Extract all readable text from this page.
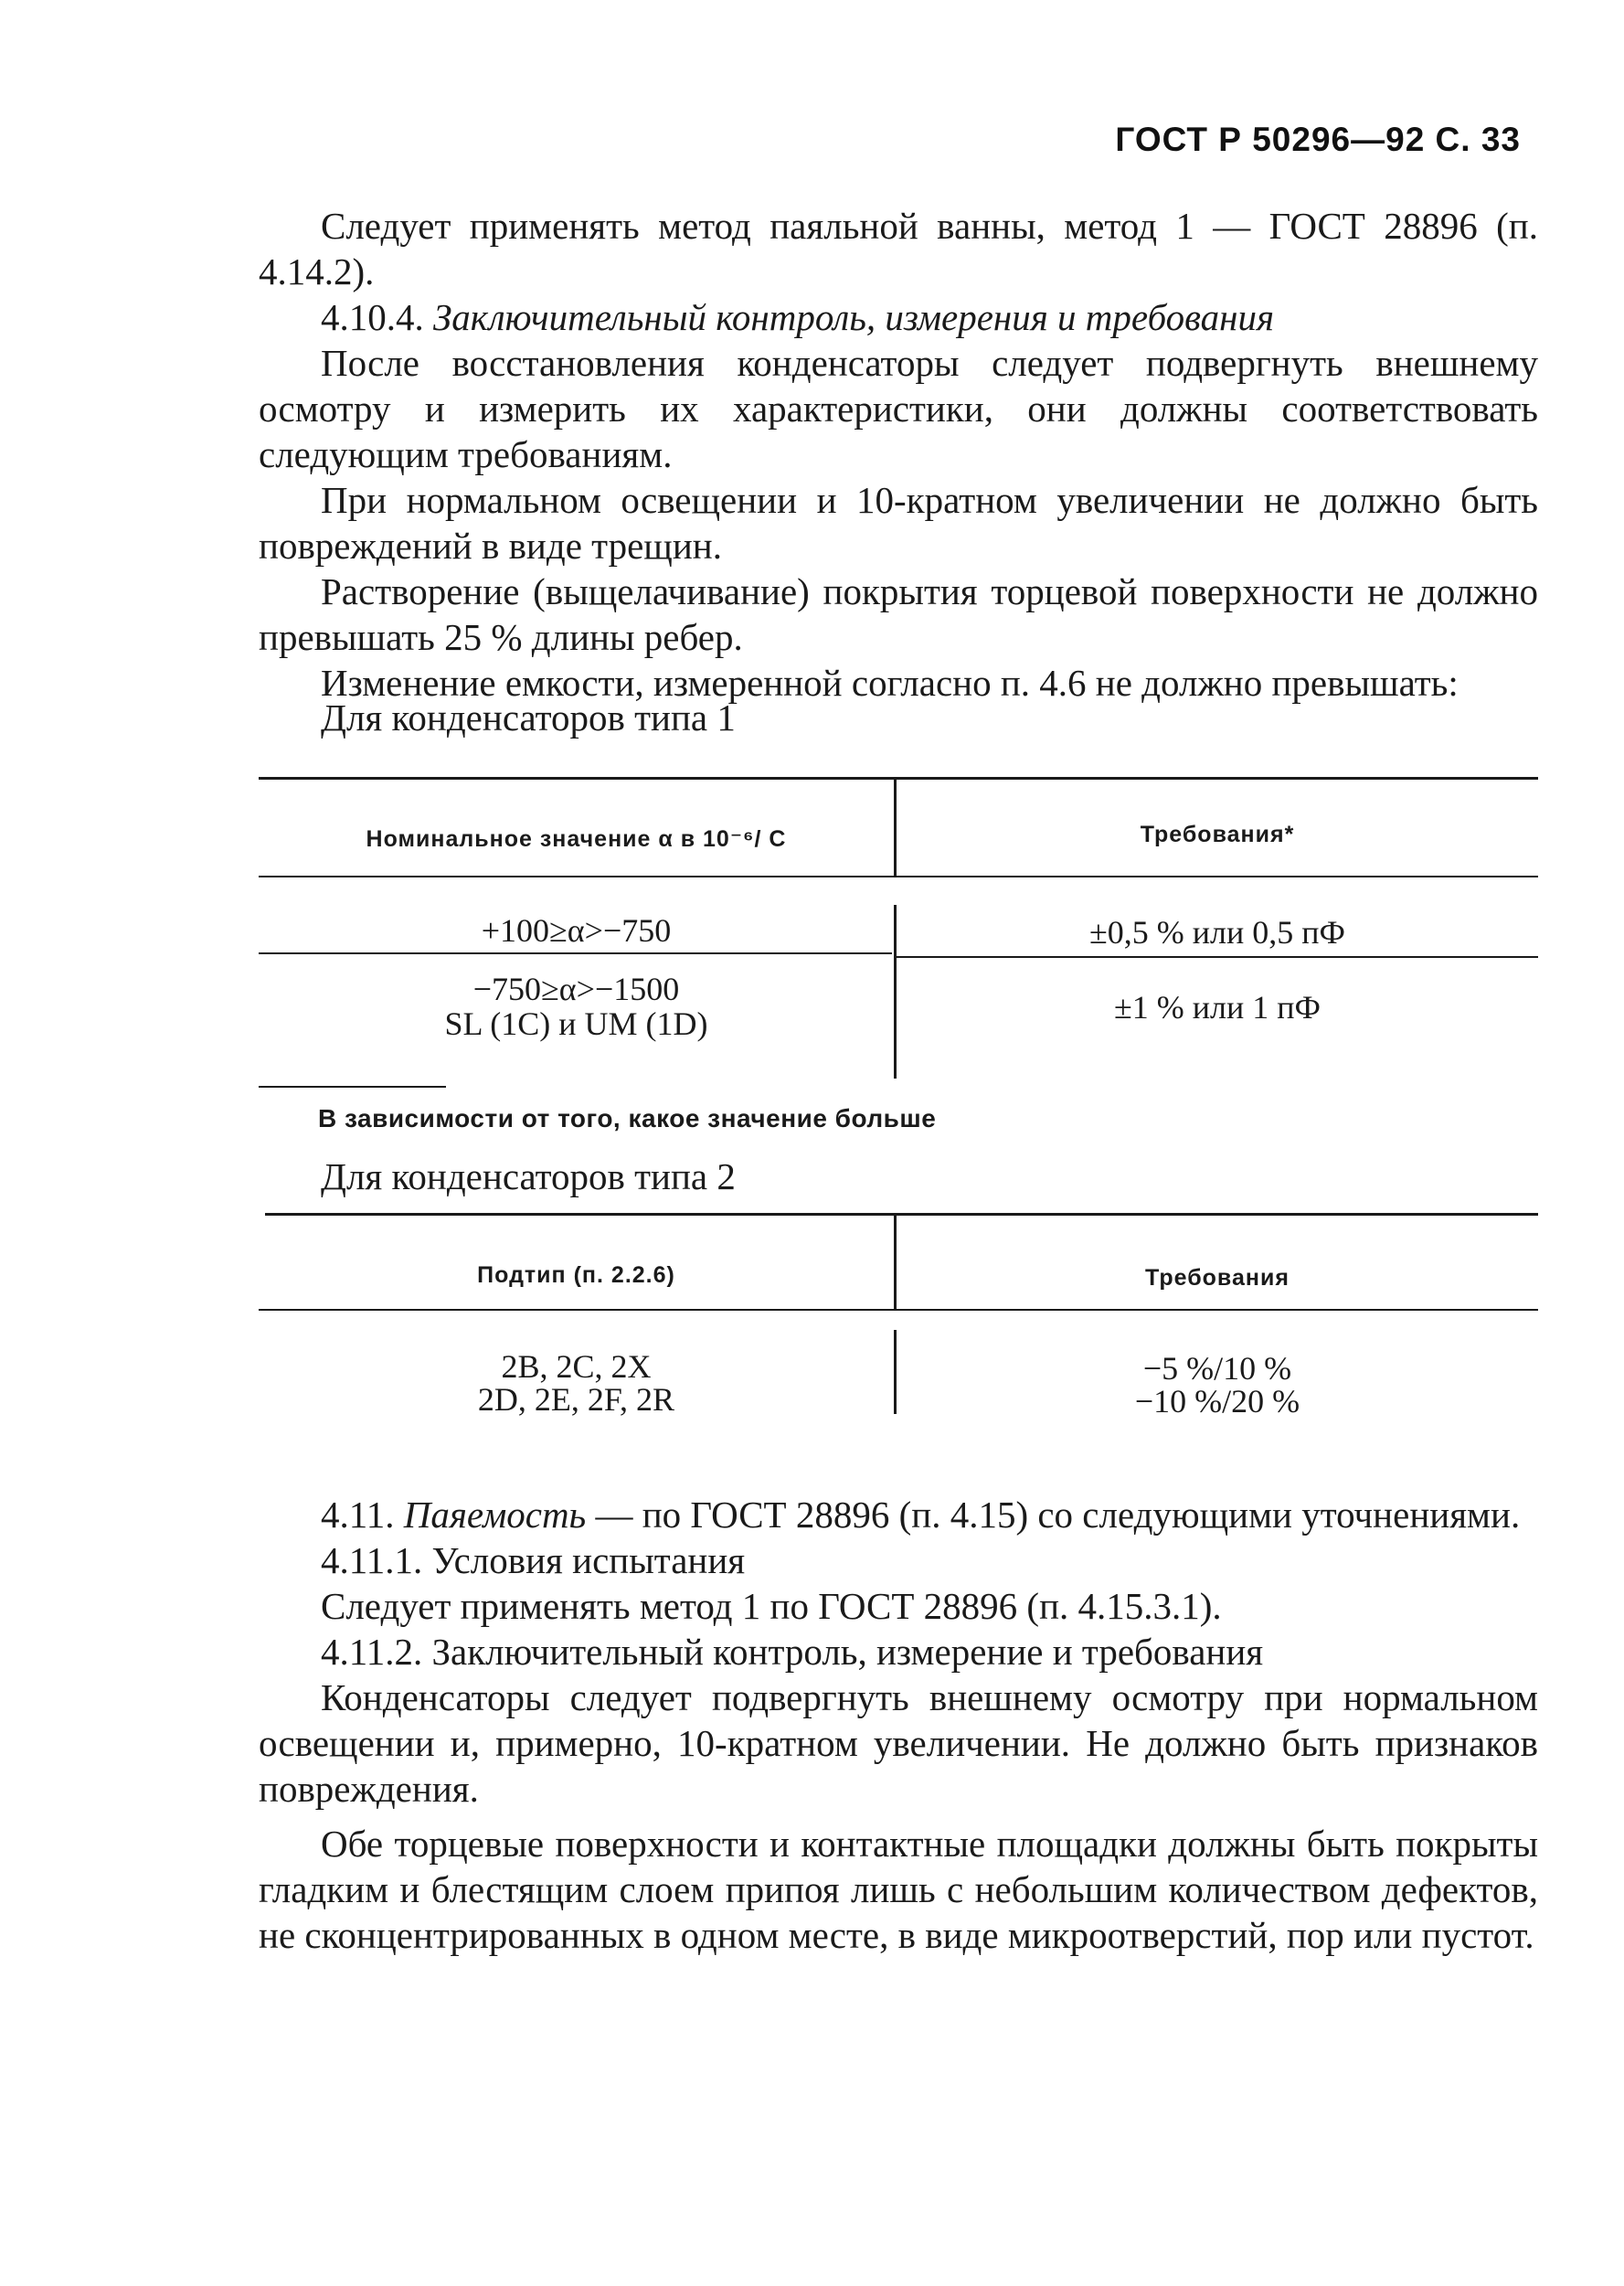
ГОСТ Р 50296—92 С. 33

Следует применять метод паяльной ванны, метод 1 — ГОСТ 28896 (п. 4.14.2).

4.10.4. Заключительный контроль, измерения и требования

После восстановления конденсаторы следует подвергнуть внешнему осмотру и измерить их характеристики, они должны соответствовать следующим требованиям.

При нормальном освещении и 10-кратном увеличении не должно быть повреждений в виде трещин.

Растворение (выщелачивание) покрытия торцевой поверхности не должно превышать 25 % длины ребер.

Изменение емкости, измеренной согласно п. 4.6 не должно превышать:

Для конденсаторов типа 1
Номинальное значение α в 10⁻⁶/ С	Требования*
+100≥α>−750	±0,5 % или 0,5 пФ
−750≥α>−1500
SL (1C) и UM (1D)	±1 % или 1 пФ
В зависимости от того, какое значение больше
Для конденсаторов типа 2
Подтип (п. 2.2.6)	Требования
2B, 2C, 2X	−5 %/10 %
2D, 2E, 2F, 2R	−10 %/20 %

4.11. Паяемость — по ГОСТ 28896 (п. 4.15) со следующими уточнениями.

4.11.1. Условия испытания

Следует применять метод 1 по ГОСТ 28896 (п. 4.15.3.1).

4.11.2. Заключительный контроль, измерение и требования

Конденсаторы следует подвергнуть внешнему осмотру при нормальном освещении и, примерно, 10-кратном увеличении. Не должно быть признаков повреждения.

Обе торцевые поверхности и контактные площадки должны быть покрыты гладким и блестящим слоем припоя лишь с небольшим количеством дефектов, не сконцентрированных в одном месте, в виде микроотверстий, пор или пустот.
